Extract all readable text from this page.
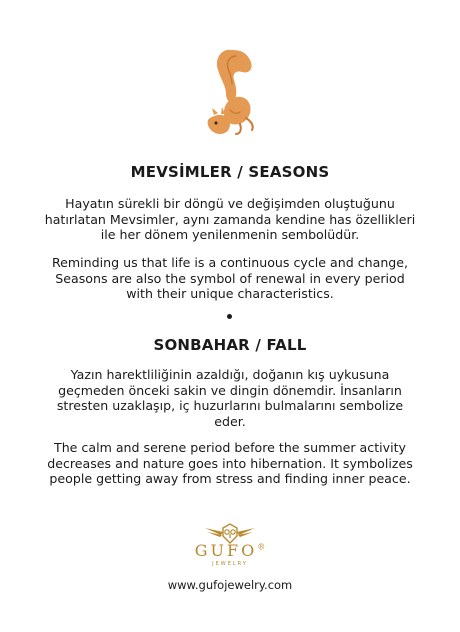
MEVSİMLER / SEASONS

Hayatın sürekli bir döngü ve değişimden oluştuğunu hatırlatan Mevsimler, aynı zamanda kendine has özellikleri ile her dönem yenilenmenin sembolüdür.

Reminding us that life is a continuous cycle and change, Seasons are also the symbol of renewal in every period with their unique characteristics.

SONBAHAR / FALL

Yazın harektliliğinin azaldığı, doğanın kış uykusuna geçmeden önceki sakin ve dingin dönemdir. İnsanların stresten uzaklaşıp, iç huzurlarını bulmalarını sembolize eder.

The calm and serene period before the summer activity decreases and nature goes into hibernation. It symbolizes people getting away from stress and finding inner peace.

GUFO®
JEWELRY
www.gufojewelry.com
